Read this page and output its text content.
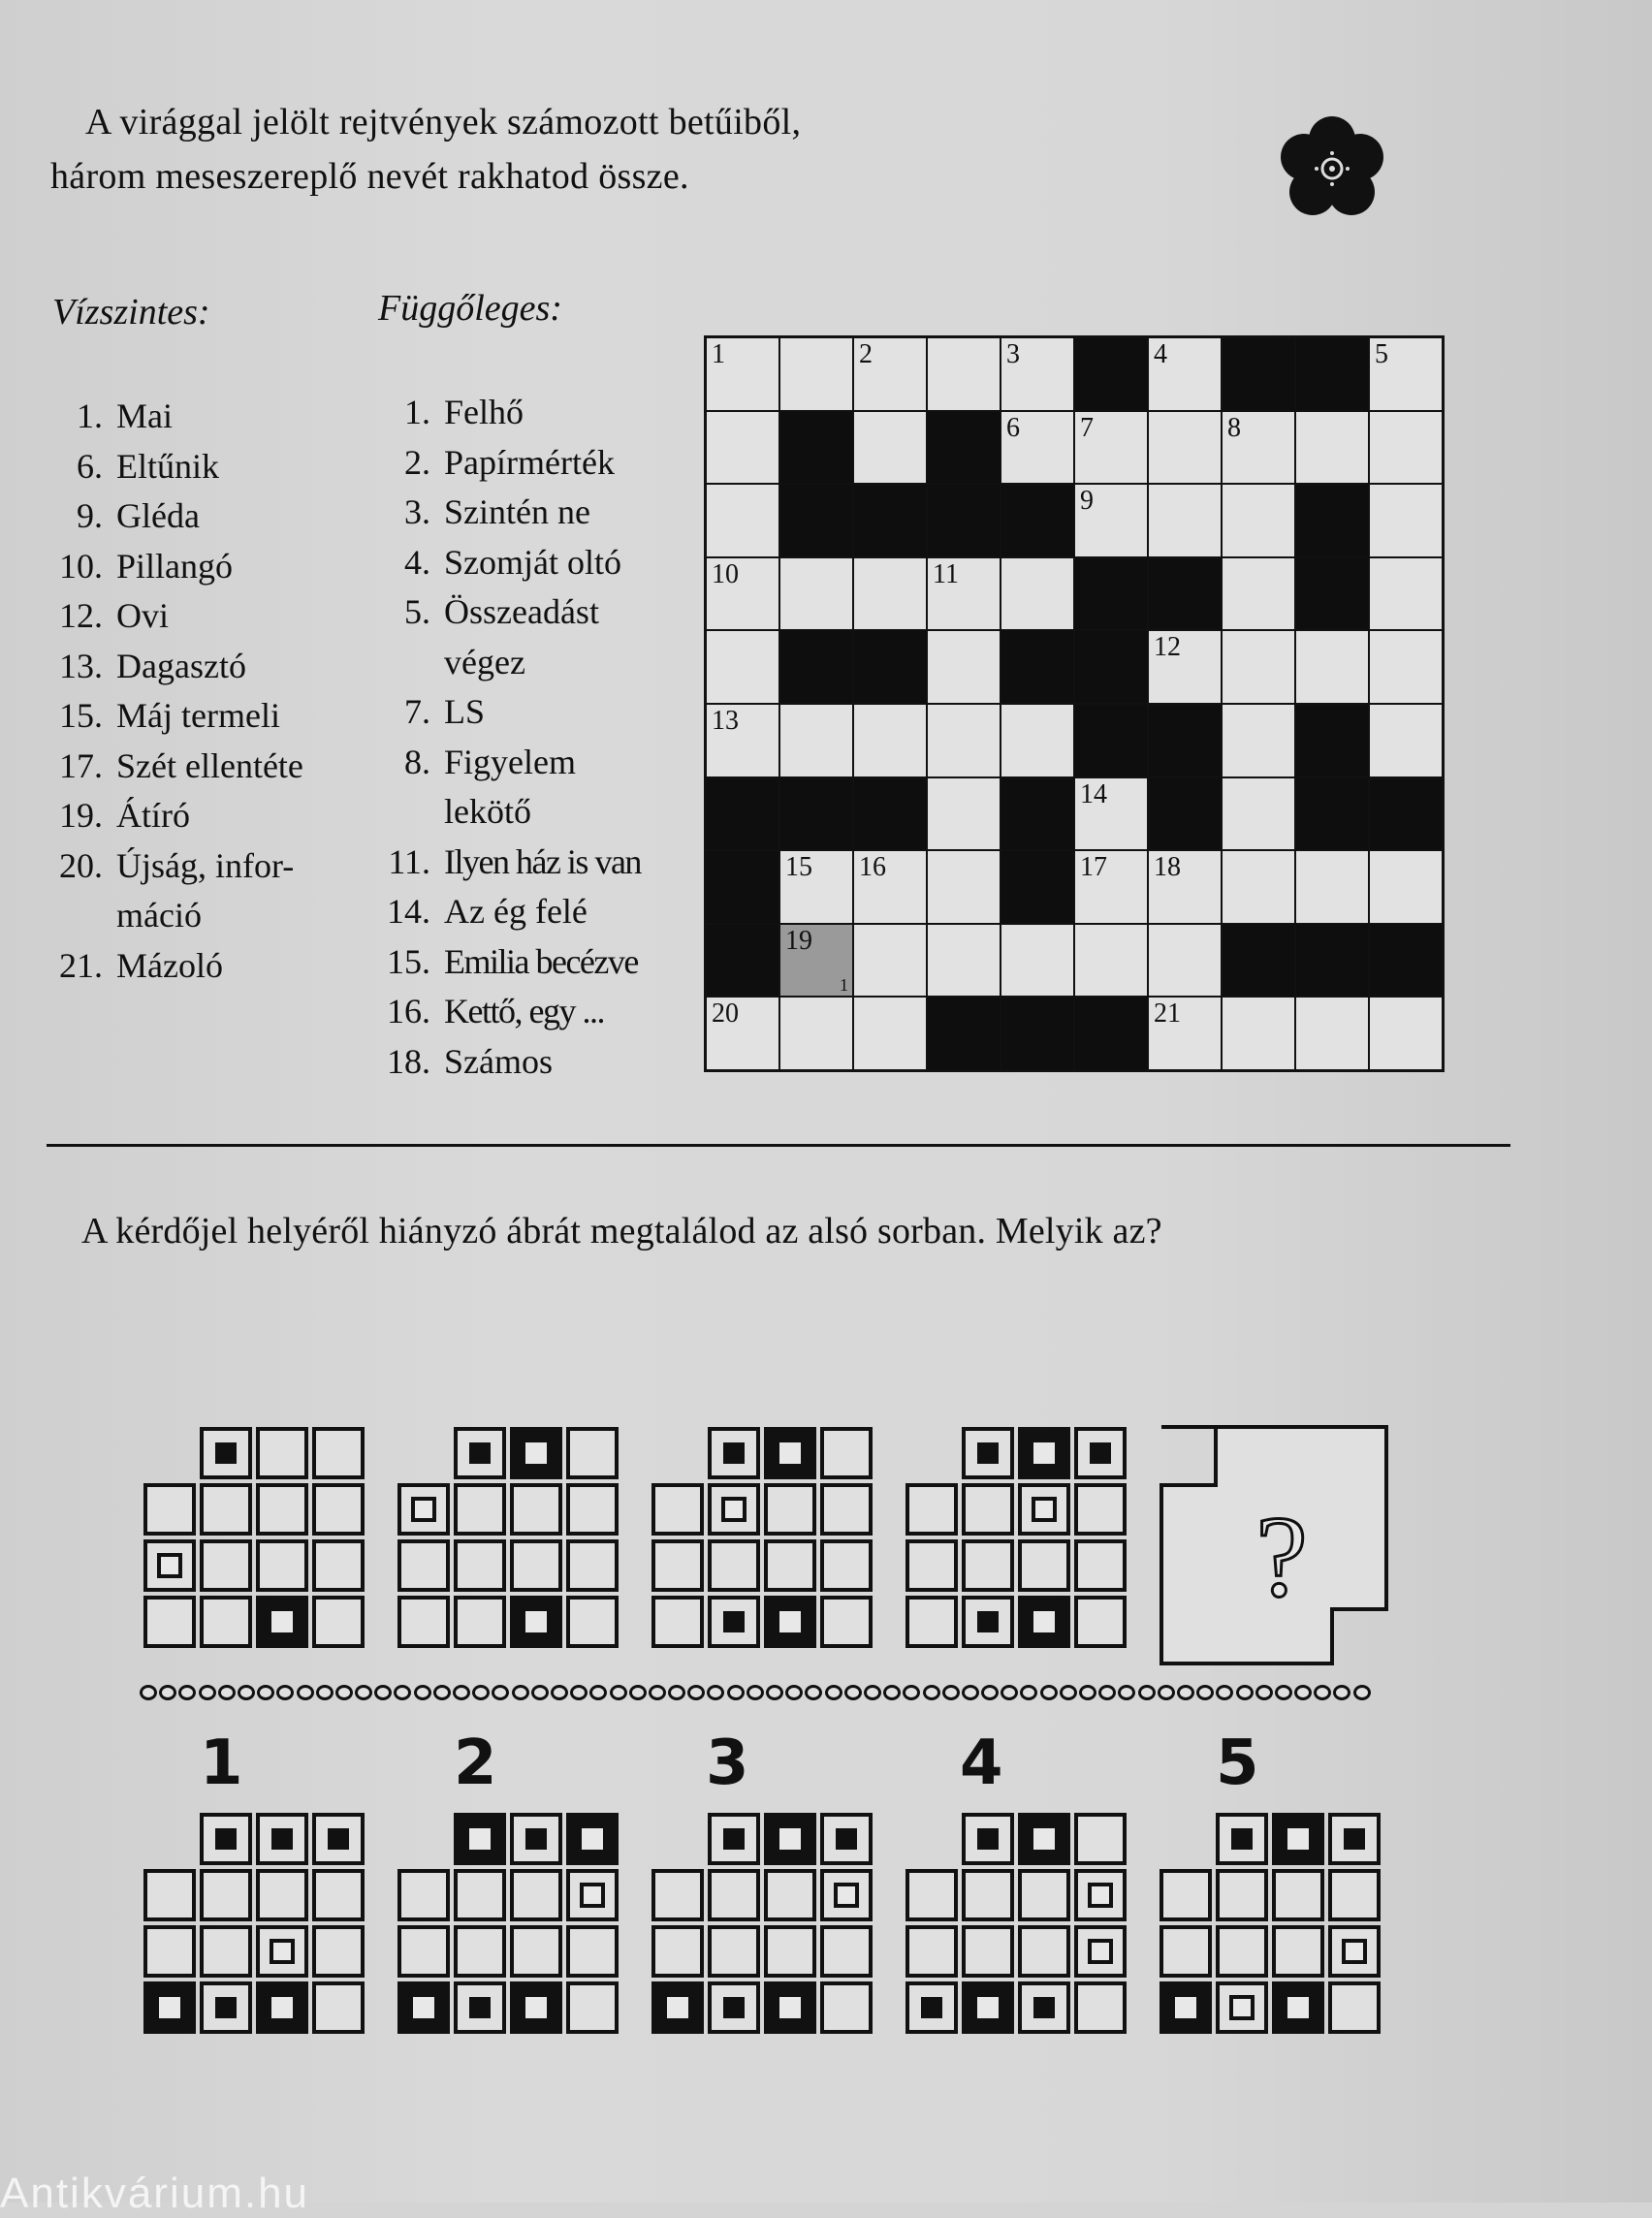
A virággal jelölt rejtvények számozott betűiből,
három meseszereplő nevét rakhatod össze.
Vízszintes:	Függőleges:
1. Mai
6. Eltűnik
9. Gléda
10. Pillangó
12. Ovi
13. Dagasztó
15. Máj termeli
17. Szét ellentéte
19. Átíró
20. Újság, infor-
máció
21. Mázoló
1. Felhő
2. Papírmérték
3. Szintén ne
4. Szomját oltó
5. Összeadást
végez
7. LS
8. Figyelem
lekötő
11. Ilyen ház is van
14. Az ég felé
15. Emilia becézve
16. Kettő, egy ...
18. Számos
1	2	3	4	5
6 7	8
9
10	11
12
13
14
15 16	17 18
1
19
20	21
A kérdőjel helyéről hiányzó ábrát megtalálod az alsó sorban. Melyik az?
?
1	2	3	4	5
Antikvárium.hu
